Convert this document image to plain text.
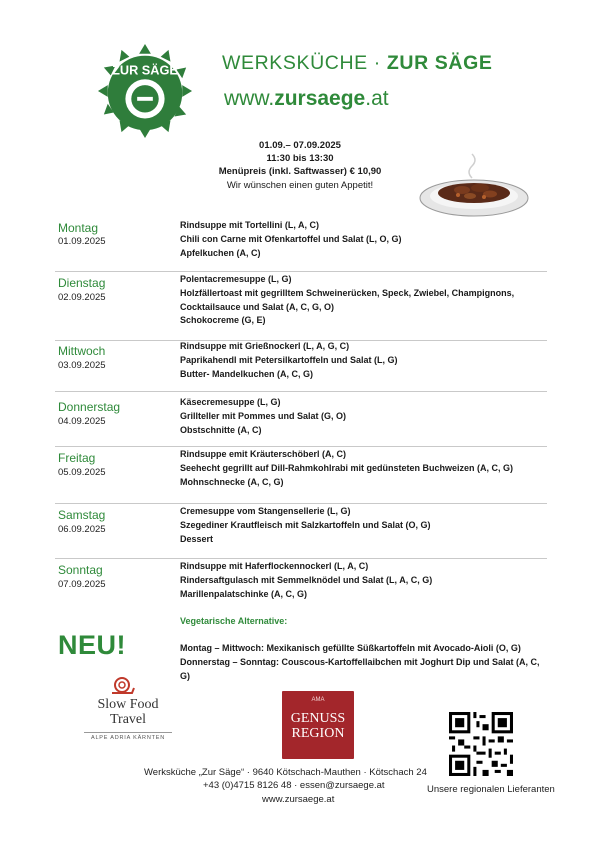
ZUR SÄGE WERKSKÜCHE · ZUR SÄGE
www.zursaege.at
01.09.– 07.09.2025
11:30 bis 13:30
Menüpreis (inkl. Saftwasser) € 10,90
Wir wünschen einen guten Appetit!
Montag
01.09.2025
Rindsuppe mit Tortellini (L, A, C)
Chili con Carne mit Ofenkartoffel und Salat (L, O, G)
Apfelkuchen (A, C)
Dienstag
02.09.2025
Polentacremesuppe (L, G)
Holzfällertoast mit gegrilltem Schweinerücken, Speck, Zwiebel, Champignons, Cocktailsauce und Salat (A, C, G, O)
Schokocreme (G, E)
Mittwoch
03.09.2025
Rindsuppe mit Grießnockerl (L, A, G, C)
Paprikahendl mit Petersilkartoffeln und Salat (L, G)
Butter- Mandelkuchen (A, C, G)
Donnerstag
04.09.2025
Käsecremesuppe (L, G)
Grillteller mit Pommes und Salat (G, O)
Obstschnitte (A, C)
Freitag
05.09.2025
Rindsuppe emit Kräuterschöberl (A, C)
Seehecht gegrillt auf Dill-Rahmkohlrabi mit gedünsteten Buchweizen (A, C, G)
Mohnschnecke (A, C, G)
Samstag
06.09.2025
Cremesuppe vom Stangensellerie (L, G)
Szegediner Krautfleisch mit Salzkartoffeln und Salat (O, G)
Dessert
Sonntag
07.09.2025
Rindsuppe mit Haferflockennockerl (L, A, C)
Rindersaftgulasch mit Semmelknödel und Salat (L, A, C, G)
Marillenpalatschinke (A, C, G)
Vegetarische Alternative:
Montag – Mittwoch: Mexikanisch gefüllte Süßkartoffeln mit Avocado-Aioli (O, G)
Donnerstag – Sonntag: Couscous-Kartoffellaibchen mit Joghurt Dip und Salat (A, C, G)
NEU!
Slow Food
Travel
ALPE ADRIA KÄRNTEN
AMA
GENUSS
REGION
Werksküche „Zur Säge“ · 9640 Kötschach-Mauthen · Kötschach 24
+43 (0)4715 8126 48 · essen@zursaege.at
www.zursaege.at
Unsere regionalen Lieferanten
